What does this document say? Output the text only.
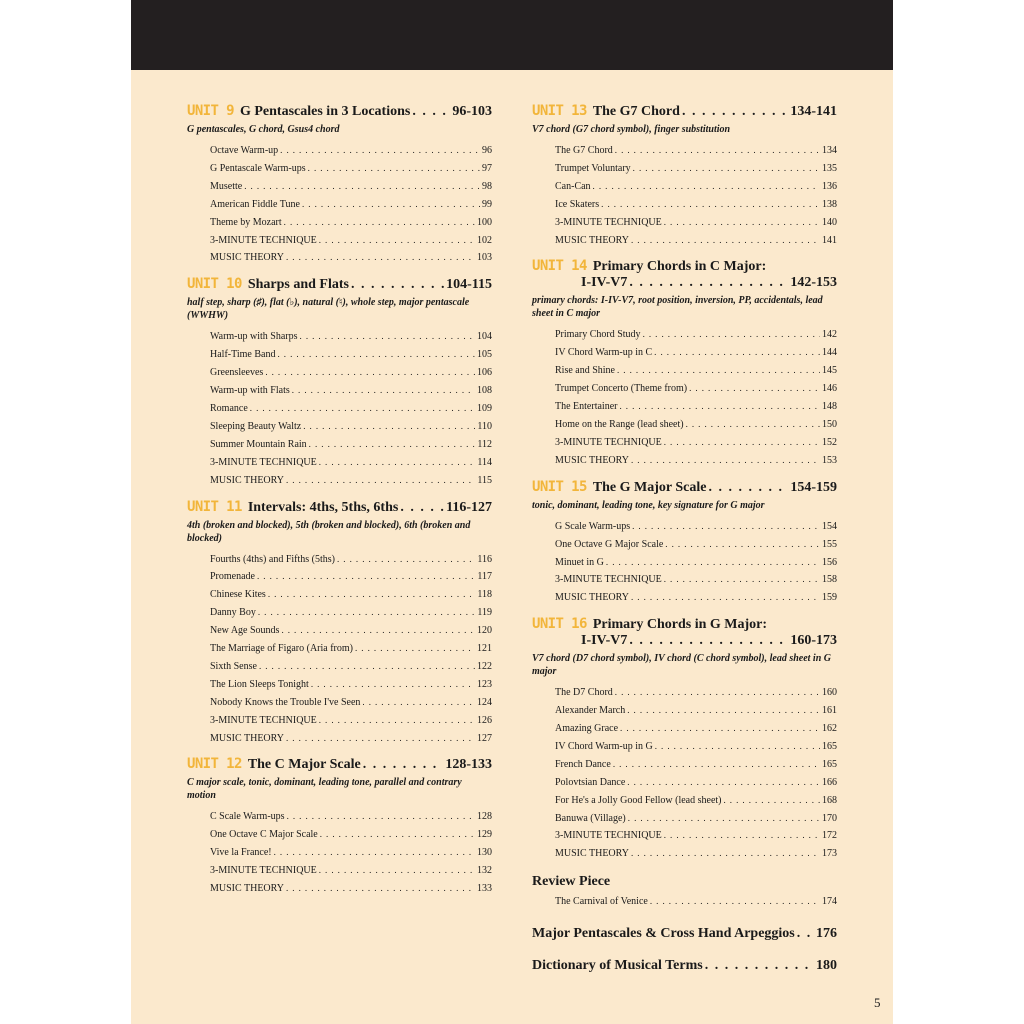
UNIT 9 G Pentascales in 3 Locations . . .	96-103
G pentascales, G chord, Gsus4 chord
Octave Warm-up . . .	96
G Pentascale Warm-ups . . .	97
Musette . . .	98
American Fiddle Tune . . .	99
Theme by Mozart . . .	100
3-MINUTE TECHNIQUE . . .	102
MUSIC THEORY . . .	103
UNIT 10 Sharps and Flats . . .	104-115
half step, sharp (♯), flat (♭), natural (♮), whole step, major pentascale (WWHW)
Warm-up with Sharps . . .	104
Half-Time Band . . .	105
Greensleeves . . .	106
Warm-up with Flats . . .	108
Romance . . .	109
Sleeping Beauty Waltz . . .	110
Summer Mountain Rain . . .	112
3-MINUTE TECHNIQUE . . .	114
MUSIC THEORY . . .	115
UNIT 11 Intervals: 4ths, 5ths, 6ths . . .	116-127
4th (broken and blocked), 5th (broken and blocked), 6th (broken and blocked)
Fourths (4ths) and Fifths (5ths) . . .	116
Promenade . . .	117
Chinese Kites . . .	118
Danny Boy . . .	119
New Age Sounds . . .	120
The Marriage of Figaro (Aria from) . . .	121
Sixth Sense . . .	122
The Lion Sleeps Tonight . . .	123
Nobody Knows the Trouble I've Seen . . .	124
3-MINUTE TECHNIQUE . . .	126
MUSIC THEORY . . .	127
UNIT 12 The C Major Scale . . .	128-133
C major scale, tonic, dominant, leading tone, parallel and contrary motion
C Scale Warm-ups . . .	128
One Octave C Major Scale . . .	129
Vive la France! . . .	130
3-MINUTE TECHNIQUE . . .	132
MUSIC THEORY . . .	133
UNIT 13 The G7 Chord . . .	134-141
V7 chord (G7 chord symbol), finger substitution
The G7 Chord . . .	134
Trumpet Voluntary . . .	135
Can-Can . . .	136
Ice Skaters . . .	138
3-MINUTE TECHNIQUE . . .	140
MUSIC THEORY . . .	141
UNIT 14 Primary Chords in C Major:
I-IV-V7 . . .	142-153
primary chords: I-IV-V7, root position, inversion, PP, accidentals, lead sheet in C major
Primary Chord Study . . .	142
IV Chord Warm-up in C . . .	144
Rise and Shine . . .	145
Trumpet Concerto (Theme from) . . .	146
The Entertainer . . .	148
Home on the Range (lead sheet) . . .	150
3-MINUTE TECHNIQUE . . .	152
MUSIC THEORY . . .	153
UNIT 15 The G Major Scale . . .	154-159
tonic, dominant, leading tone, key signature for G major
G Scale Warm-ups . . .	154
One Octave G Major Scale . . .	155
Minuet in G . . .	156
3-MINUTE TECHNIQUE . . .	158
MUSIC THEORY . . .	159
UNIT 16 Primary Chords in G Major:
I-IV-V7 . . .	160-173
V7 chord (D7 chord symbol), IV chord (C chord symbol), lead sheet in G major
The D7 Chord . . .	160
Alexander March . . .	161
Amazing Grace . . .	162
IV Chord Warm-up in G . . .	165
French Dance . . .	165
Polovtsian Dance . . .	166
For He's a Jolly Good Fellow (lead sheet) . . .	168
Banuwa (Village) . . .	170
3-MINUTE TECHNIQUE . . .	172
MUSIC THEORY . . .	173
Review Piece
The Carnival of Venice . . .	174
Major Pentascales & Cross Hand Arpeggios . . . 176
Dictionary of Musical Terms . . .	180
5
